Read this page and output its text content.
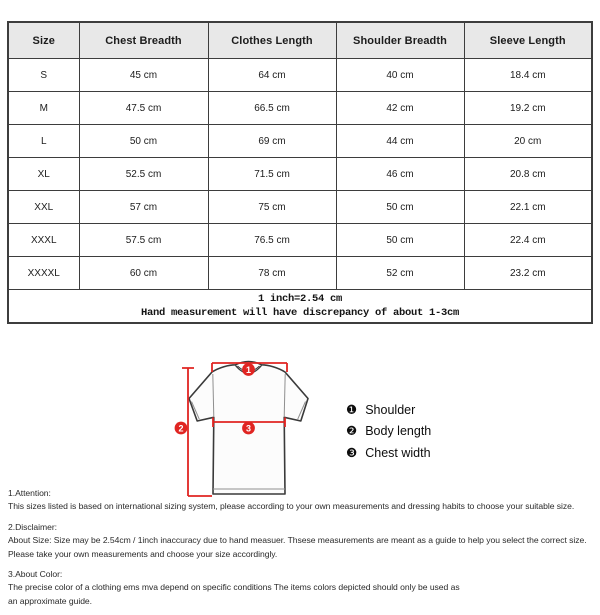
Size	Chest Breadth	Clothes Length	Shoulder Breadth	Sleeve Length
S	45 cm	64 cm	40 cm	18.4 cm
M	47.5 cm	66.5 cm	42 cm	19.2 cm
L	50 cm	69 cm	44 cm	20 cm
XL	52.5 cm	71.5 cm	46 cm	20.8 cm
XXL	57 cm	75 cm	50 cm	22.1 cm
XXXL	57.5 cm	76.5 cm	50 cm	22.4 cm
XXXXL	60 cm	78 cm	52 cm	23.2 cm

1 inch=2.54 cm
Hand measurement will have discrepancy of about 1-3cm				
1
2	3
❶ Shoulder
❷ Body length
❸ Chest width
1.Attention:
This sizes listed is based on international sizing system, please according to your own measurements and dressing habits to choose your suitable size.
2.Disclaimer:
About Size: Size may be 2.54cm / 1inch inaccuracy due to hand measuer. Thsese measurements are meant as a guide to help you select the correct size.
Please take your own measurements and choose your size accordingly.
3.About Color:
The precise color of a clothing ems mva depend on specific conditions The items colors depicted should only be used as
an approximate guide.
